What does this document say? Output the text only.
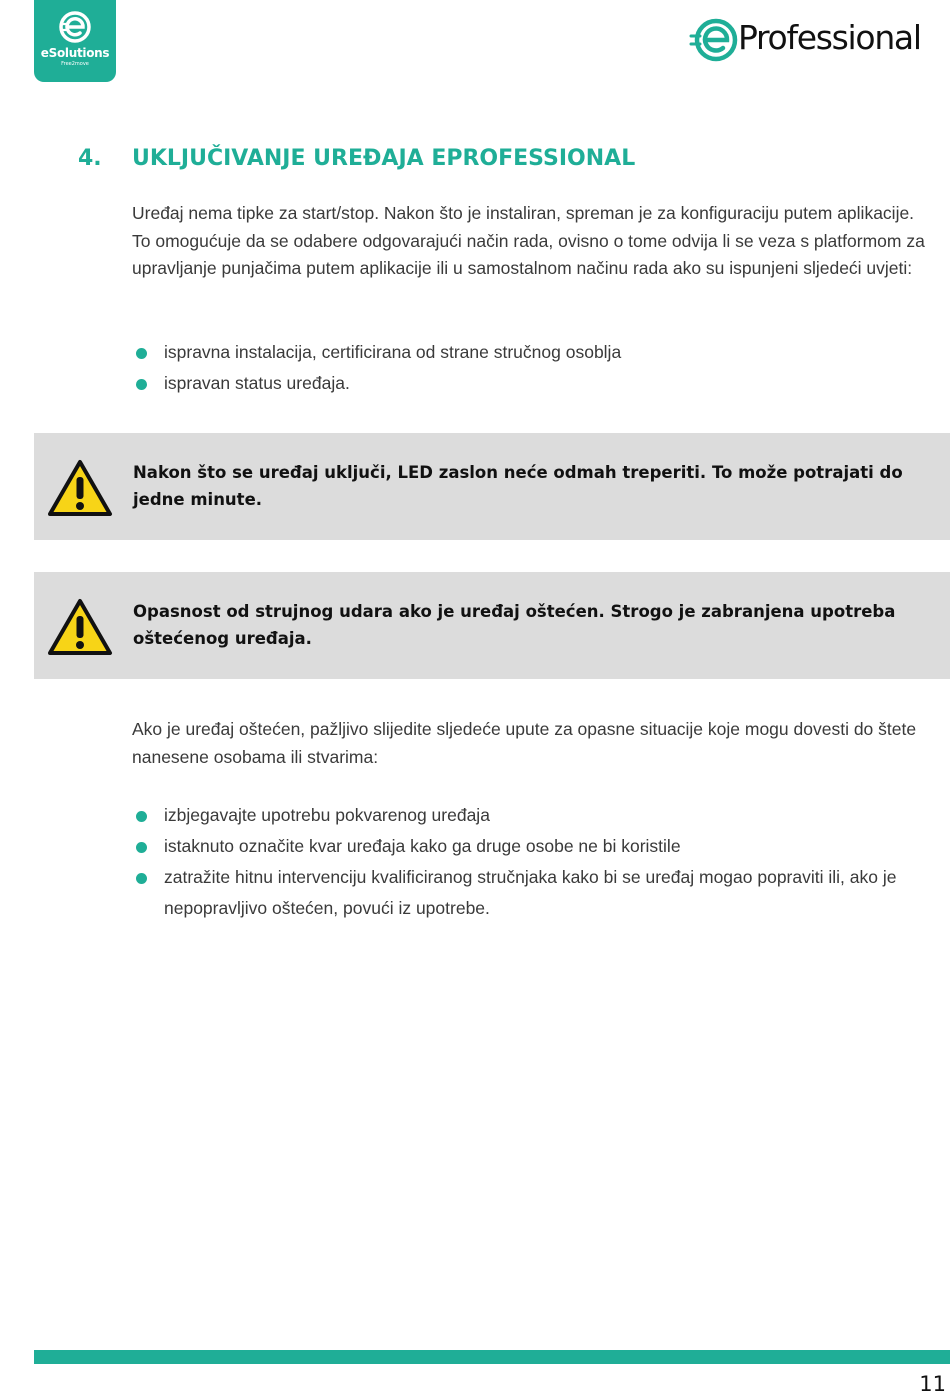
eSolutions
Free2move
Professional
4. UKLJUČIVANJE UREĐAJA EPROFESSIONAL
Uređaj nema tipke za start/stop. Nakon što je instaliran, spreman je za konfiguraciju putem aplikacije. To omogućuje da se odabere odgovarajući način rada, ovisno o tome odvija li se veza s platformom za upravljanje punjačima putem aplikacije ili u samostalnom načinu rada ako su ispunjeni sljedeći uvjeti:
ispravna instalacija, certificirana od strane stručnog osoblja
ispravan status uređaja.
Nakon što se uređaj uključi, LED zaslon neće odmah treperiti. To može potrajati do jedne minute.
Opasnost od strujnog udara ako je uređaj oštećen. Strogo je zabranjena upotreba oštećenog uređaja.
Ako je uređaj oštećen, pažljivo slijedite sljedeće upute za opasne situacije koje mogu dovesti do štete nanesene osobama ili stvarima:
izbjegavajte upotrebu pokvarenog uređaja
istaknuto označite kvar uređaja kako ga druge osobe ne bi koristile
zatražite hitnu intervenciju kvalificiranog stručnjaka kako bi se uređaj mogao popraviti ili, ako je nepopravljivo oštećen, povući iz upotrebe.
11
